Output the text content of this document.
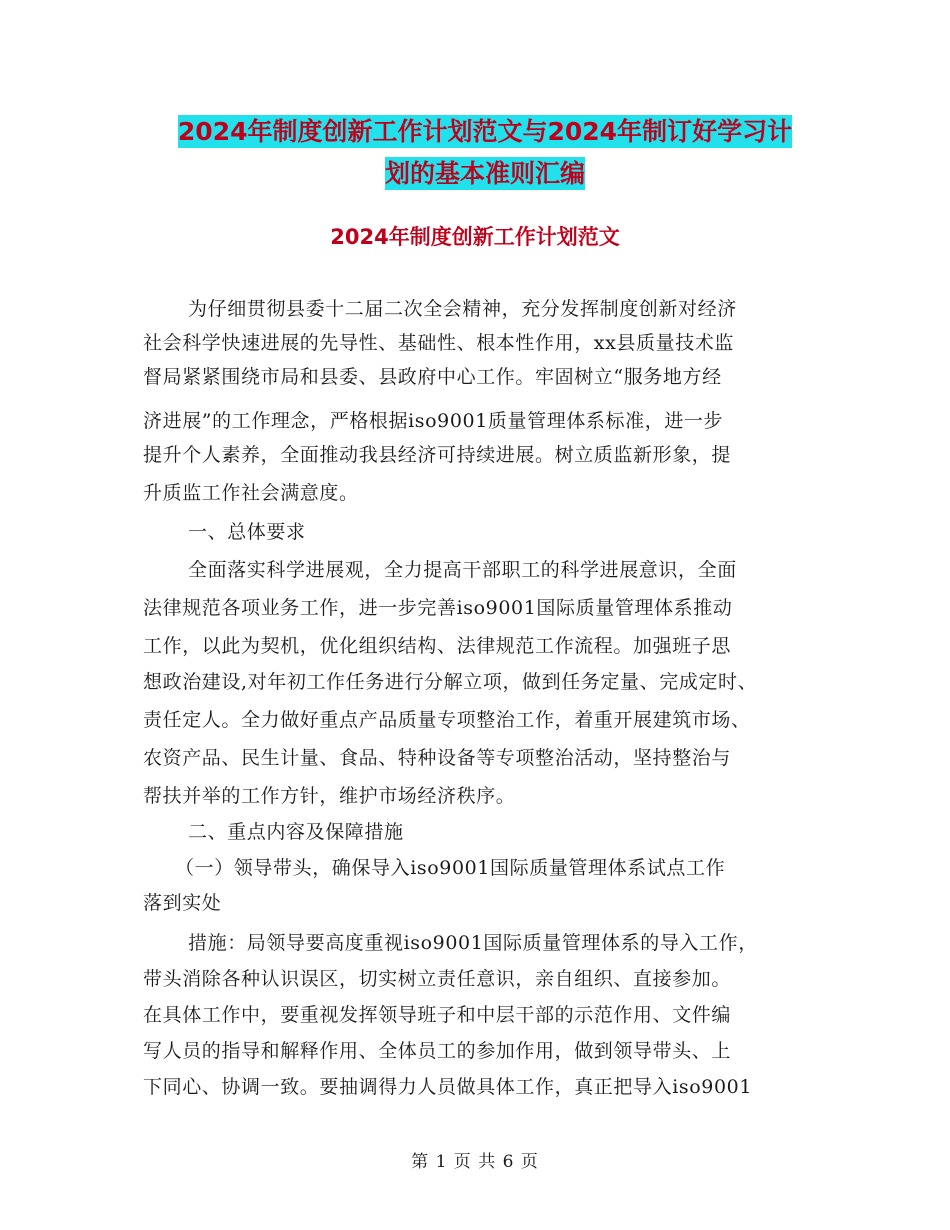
2024年制度创新工作计划范文与2024年制订好学习计
划的基本准则汇编
2024年制度创新工作计划范文
为仔细贯彻县委十二届二次全会精神，充分发挥制度创新对经济
社会科学快速进展的先导性、基础性、根本性作用，xx县质量技术监
督局紧紧围绕市局和县委、县政府中心工作。牢固树立“服务地方经
济进展”的工作理念，严格根据iso9001质量管理体系标准，进一步
提升个人素养，全面推动我县经济可持续进展。树立质监新形象，提
升质监工作社会满意度。
一、总体要求
全面落实科学进展观，全力提高干部职工的科学进展意识，全面
法律规范各项业务工作，进一步完善iso9001国际质量管理体系推动
工作，以此为契机，优化组织结构、法律规范工作流程。加强班子思
想政治建设,对年初工作任务进行分解立项，做到任务定量、完成定时、
责任定人。全力做好重点产品质量专项整治工作，着重开展建筑市场、
农资产品、民生计量、食品、特种设备等专项整治活动，坚持整治与
帮扶并举的工作方针，维护市场经济秩序。
二、重点内容及保障措施
（一）领导带头，确保导入iso9001国际质量管理体系试点工作
落到实处
措施：局领导要高度重视iso9001国际质量管理体系的导入工作，
带头消除各种认识误区，切实树立责任意识，亲自组织、直接参加。
在具体工作中，要重视发挥领导班子和中层干部的示范作用、文件编
写人员的指导和解释作用、全体员工的参加作用，做到领导带头、上
下同心、协调一致。要抽调得力人员做具体工作，真正把导入iso9001
第 1 页 共 6 页
